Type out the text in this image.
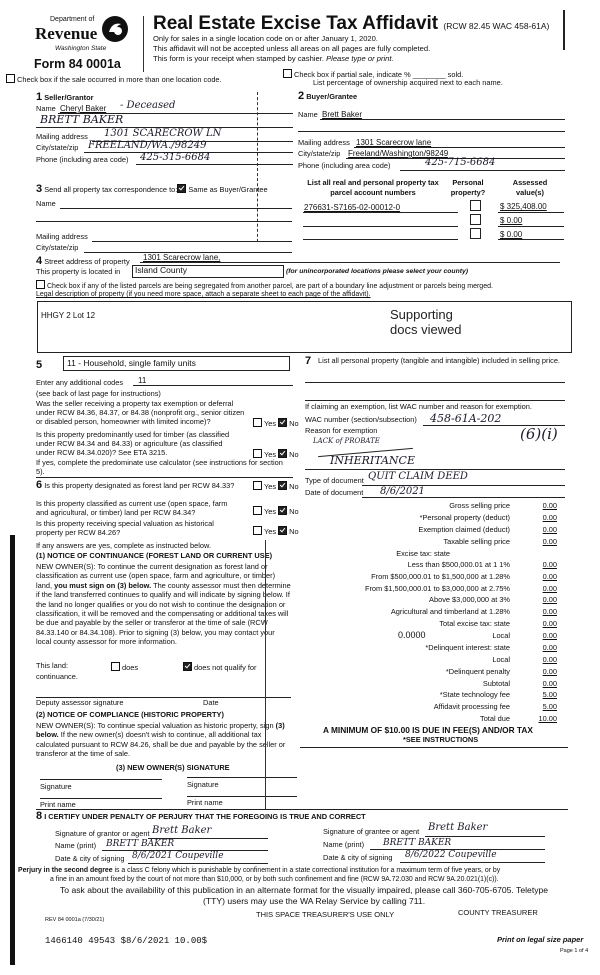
Department of
Revenue
Washington State
Form 84 0001a
Real Estate Excise Tax Affidavit (RCW 82.45 WAC 458-61A)
Only for sales in a single location code on or after January 1, 2020.
This affidavit will not be accepted unless all areas on all pages are fully completed.
This form is your receipt when stamped by cashier. Please type or print.
Check box if the sale occurred in more than one location code.
Check box if partial sale, indicate % ________ sold.
List percentage of ownership acquired next to each name.
1 Seller/Grantor
Name Cheryl Baker - Deceased
BRETT BAKER
Mailing address 1301 SCARECROW LN
City/state/zip FREELAND/WA./98249
Phone (including area code) 425-315-6684
2 Buyer/Grantee
Name Brett Baker
Mailing address 1301 Scarecrow lane
City/state/zip Freeland/Washington/98249
Phone (including area code)	425-715-6684
3 Send all property tax correspondence to: Same as Buyer/Grantee
Name
Mailing address
City/state/zip
List all real and personal property tax parcel account numbers
Personal property?
Assessed value(s)
276631-S7165-02-00012-0	$ 325,408.00
$ 0.00
$ 0.00
4 Street address of property 1301 Scarecrow lane,
This property is located in	Island County	(for unincorporated locations please select your county)
Check box if any of the listed parcels are being segregated from another parcel, are part of a boundary line adjustment or parcels being merged.
Legal description of property (if you need more space, attach a separate sheet to each page of the affidavit).
HHGY 2 Lot 12	Supporting
docs viewed
5	11 - Household, single family units
Enter any additional codes 11
(see back of last page for instructions)
Was the seller receiving a property tax exemption or deferral under RCW 84.36, 84.37, or 84.38 (nonprofit org., senior citizen or disabled person, homeowner with limited income)?	Yes No
Is this property predominantly used for timber (as classified under RCW 84.34 and 84.33) or agriculture (as classified under RCW 84.34.020)? See ETA 3215.	Yes No
If yes, complete the predominate use calculator (see instructions for section 5).
6 Is this property designated as forest land per RCW 84.33?	Yes No
Is this property classified as current use (open space, farm and agricultural, or timber) land per RCW 84.34?	Yes No
Is this property receiving special valuation as historical property per RCW 84.26?	Yes No
If any answers are yes, complete as instructed below.
(1) NOTICE OF CONTINUANCE (FOREST LAND OR CURRENT USE)
NEW OWNER(S): To continue the current designation as forest land or classification as current use (open space, farm and agriculture, or timber) land, you must sign on (3) below. The county assessor must then determine if the land transferred continues to qualify and will indicate by signing below. If the land no longer qualifies or you do not wish to continue the designation or classification, it will be removed and the compensating or additional taxes will be due and payable by the seller or transferor at the time of sale (RCW 84.33.140 or 84.34.108). Prior to signing (3) below, you may contact your local county assessor for more information.
This land:	does	does not qualify for
continuance.
Deputy assessor signature	Date
(2) NOTICE OF COMPLIANCE (HISTORIC PROPERTY)
NEW OWNER(S): To continue special valuation as historic property, sign (3) below. If the new owner(s) doesn't wish to continue, all additional tax calculated pursuant to RCW 84.26, shall be due and payable by the seller or transferor at the time of sale.
(3) NEW OWNER(S) SIGNATURE
Signature	Signature
Print name	Print name
7 List all personal property (tangible and intangible) included in selling price.
If claiming an exemption, list WAC number and reason for exemption.
WAC number (section/subsection) 458-61A-202
(6)(i)
Reason for exemption
LACK of PROBATE
INHERITANCE
Type of document QUIT CLAIM DEED
Date of document 8/6/2021
Gross selling price	0.00
*Personal property (deduct)	0.00
Exemption claimed (deduct)	0.00
Taxable selling price	0.00
Excise tax: state
Less than $500,000.01 at 1 1%	0.00
From $500,000.01 to $1,500,000 at 1.28%	0.00
From $1,500,000.01 to $3,000,000 at 2.75%	0.00
Above $3,000,000 at 3%	0.00
Agricultural and timberland at 1.28%	0.00
Total excise tax: state	0.00
0.0000	Local	0.00
*Delinquent interest: state	0.00
Local	0.00
*Delinquent penalty	0.00
Subtotal	0.00
*State technology fee	5.00
Affidavit processing fee	5.00
Total due	10.00
A MINIMUM OF $10.00 IS DUE IN FEE(S) AND/OR TAX
*SEE INSTRUCTIONS
8 I CERTIFY UNDER PENALTY OF PERJURY THAT THE FOREGOING IS TRUE AND CORRECT
Signature of grantor or agent Brett Baker
Name (print) BRETT BAKER
Date & city of signing 8/6/2021 Coupeville
Signature of grantee or agent Brett Baker
Name (print) BRETT BAKER
Date & city of signing 8/6/2022 Coupeville
Perjury in the second degree is a class C felony which is punishable by confinement in a state correctional institution for a maximum term of five years, or by
a fine in an amount fixed by the court of not more than $10,000, or by both such confinement and fine (RCW 9A.72.030 and RCW 9A.20.021(1)(c)).
To ask about the availability of this publication in an alternate format for the visually impaired, please call 360-705-6705. Teletype
(TTY) users may use the WA Relay Service by calling 711.
REV 84 0001a (7/30/21)
THIS SPACE TREASURER'S USE ONLY	COUNTY TREASURER
1466140 49543 $8/6/2021 10.00$	Print on legal size paper
Page 1 of 4
